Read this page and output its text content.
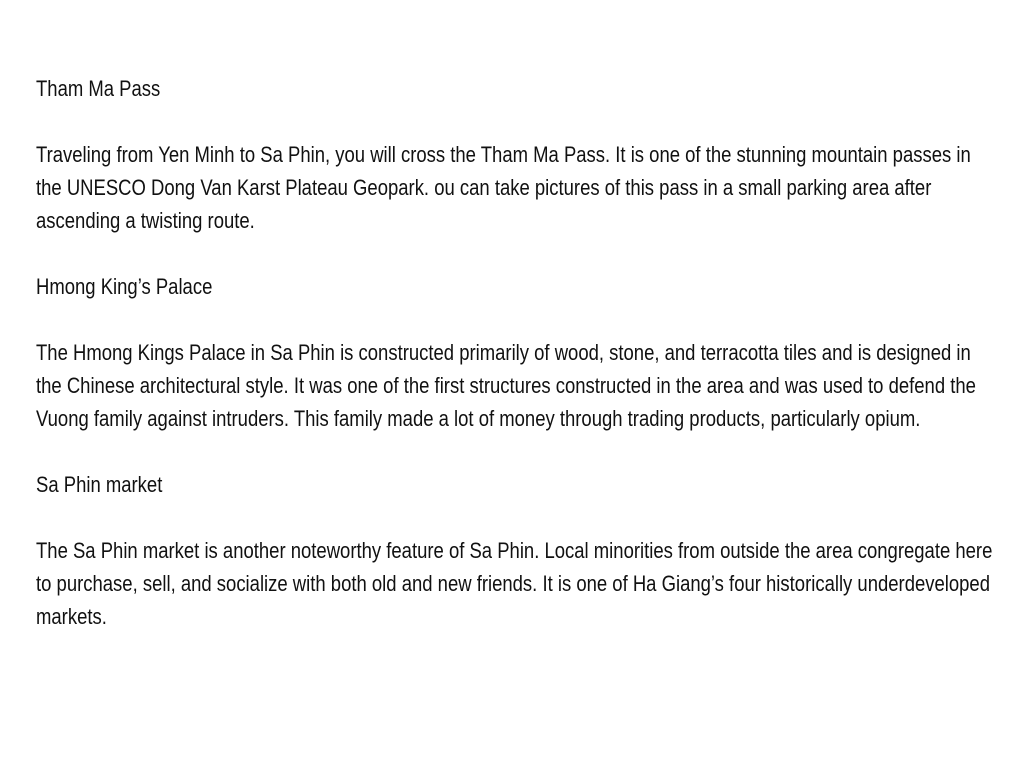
Tham Ma Pass

Traveling from Yen Minh to Sa Phin, you will cross the Tham Ma Pass. It is one of the stunning mountain passes in the UNESCO Dong Van Karst Plateau Geopark. ou can take pictures of this pass in a small parking area after ascending a twisting route.

Hmong King’s Palace

The Hmong Kings Palace in Sa Phin is constructed primarily of wood, stone, and terracotta tiles and is designed in the Chinese architectural style. It was one of the first structures constructed in the area and was used to defend the Vuong family against intruders. This family made a lot of money through trading products, particularly opium.

Sa Phin market

The Sa Phin market is another noteworthy feature of Sa Phin. Local minorities from outside the area congregate here to purchase, sell, and socialize with both old and new friends. It is one of Ha Giang’s four historically underdeveloped markets.
